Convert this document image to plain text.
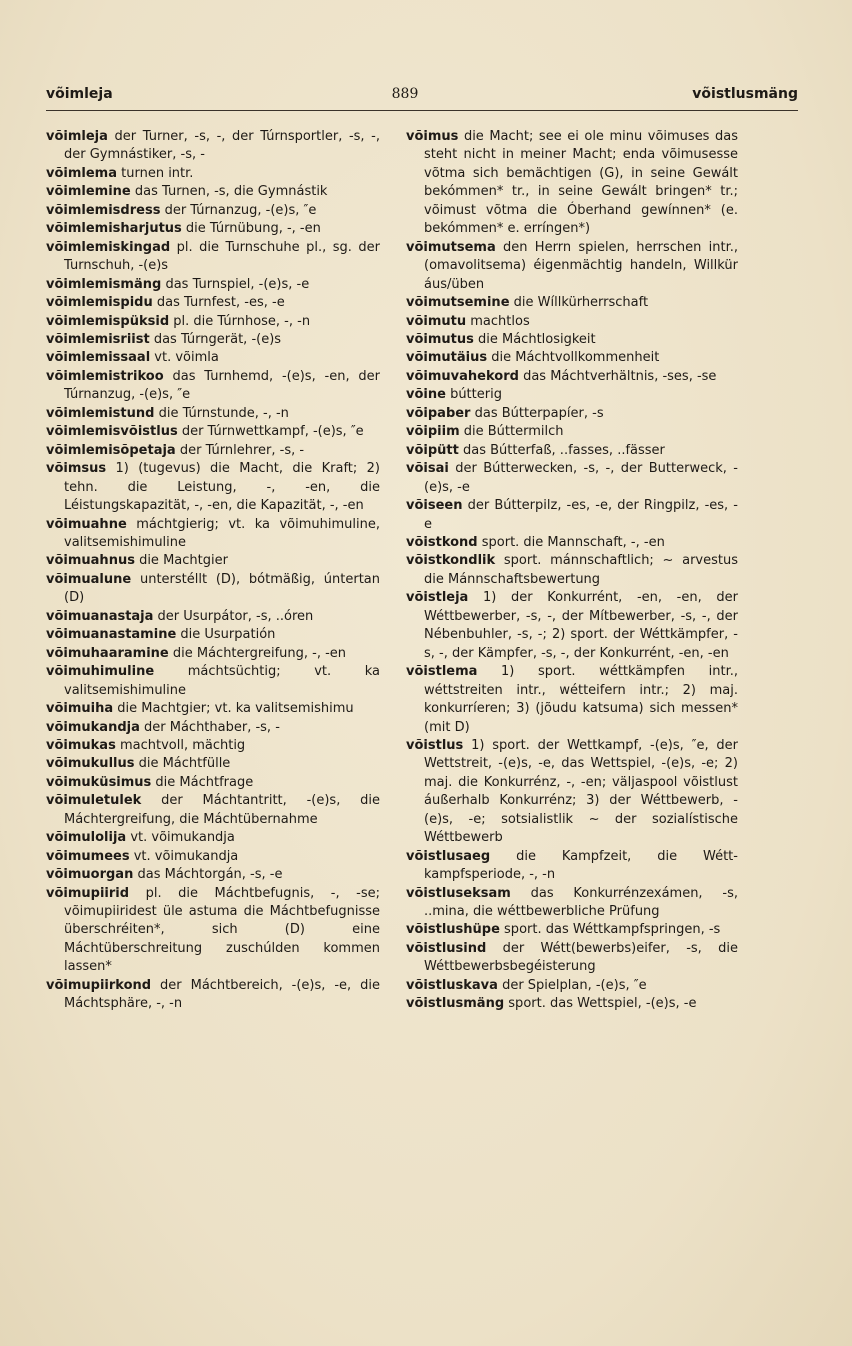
võimleja	889	võistlusmäng
võimleja der Turner, -s, -, der Túrnsportler, -s, -, der Gymnástiker, -s, -
võimlema turnen intr.
võimlemine das Turnen, -s, die Gymnástik
võimlemisdress der Túrnanzug, -(e)s, ″e
võimlemisharjutus die Túrnübung, -, -en
võimlemiskingad pl. die Turnschuhe pl., sg. der Turnschuh, -(e)s
võimlemismäng das Turnspiel, -(e)s, -e
võimlemispidu das Turnfest, -es, -e
võimlemispüksid pl. die Túrnhose, -, -n
võimlemisriist das Túrngerät, -(e)s
võimlemissaal vt. võimla
võimlemistrikoo das Turnhemd, -(e)s, -en, der Túrnanzug, -(e)s, ″e
võimlemistund die Túrnstunde, -, -n
võimlemisvõistlus der Túrnwettkampf, -(e)s, ″e
võimlemisõpetaja der Túrnlehrer, -s, -
võimsus 1) (tugevus) die Macht, die Kraft; 2) tehn. die Leistung, -, -en, die Léistungskapazität, -, -en, die Kapazität, -, -en
võimuahne máchtgierig; vt. ka võimuhimuline, valitsemishimuline
võimuahnus die Machtgier
võimualune unterstéllt (D), bótmäßig, úntertan (D)
võimuanastaja der Usurpátor, -s, ..óren
võimuanastamine die Usurpatión
võimuhaaramine die Máchtergreifung, -, -en
võimuhimuline máchtsüchtig; vt. ka valitsemishimuline
võimuiha die Machtgier; vt. ka valitsemishimu
võimukandja der Máchthaber, -s, -
võimukas machtvoll, mächtig
võimukullus die Máchtfülle
võimuküsimus die Máchtfrage
võimuletulek der Máchtantritt, -(e)s, die Máchtergreifung, die Máchtübernahme
võimulolija vt. võimukandja
võimumees vt. võimukandja
võimuorgan das Máchtorgán, -s, -e
võimupiirid pl. die Máchtbefugnis, -, -se; võimupiiridest üle astuma die Máchtbefugnisse überschréiten*, sich (D) eine Máchtüberschreitung zuschúlden kommen lassen*
võimupiirkond der Máchtbereich, -(e)s, -e, die Máchtsphäre, -, -n
võimus die Macht; see ei ole minu võimuses das steht nicht in meiner Macht; enda võimusesse võtma sich bemächtigen (G), in seine Gewált bekómmen* tr., in seine Gewált bringen* tr.; võimust võtma die Óberhand gewínnen* (e. bekómmen* e. erríngen*)
võimutsema den Herrn spielen, herrschen intr., (omavolitsema) éigenmächtig handeln, Willkür áus/üben
võimutsemine die Wíllkürherrschaft
võimutu machtlos
võimutus die Máchtlosigkeit
võimutäius die Máchtvollkommenheit
võimuvahekord das Máchtverhältnis, -ses, -se
võine bútterig
võipaber das Bútterpapíer, -s
võipiim die Búttermilch
võipütt das Bútterfaß, ..fasses, ..fässer
võisai der Bútterwecken, -s, -, der Butterweck, -(e)s, -e
võiseen der Bútterpilz, -es, -e, der Ringpilz, -es, -e
võistkond sport. die Mannschaft, -, -en
võistkondlik sport. mánnschaftlich; ~ arvestus die Mánnschaftsbewertung
võistleja 1) der Konkurrént, -en, -en, der Wéttbewerber, -s, -, der Mítbewerber, -s, -, der Nébenbuhler, -s, -; 2) sport. der Wéttkämpfer, -s, -, der Kämpfer, -s, -, der Konkurrént, -en, -en
võistlema 1) sport. wéttkämpfen intr., wéttstreiten intr., wétteifern intr.; 2) maj. konkurríeren; 3) (jõudu katsuma) sich messen* (mit D)
võistlus 1) sport. der Wettkampf, -(e)s, ″e, der Wettstreit, -(e)s, -e, das Wettspiel, -(e)s, -e; 2) maj. die Konkurrénz, -, -en; väljaspool võistlust áußerhalb Konkurrénz; 3) der Wéttbewerb, -(e)s, -e; sotsialistlik ~ der sozialístische Wéttbewerb
võistlusaeg die Kampfzeit, die Wéttkampfsperiode, -, -n
võistluseksam das Konkurrénzexámen, -s, ..mina, die wéttbewerbliche Prüfung
võistlushüpe sport. das Wéttkampfspringen, -s
võistlusind der Wétt(bewerbs)eifer, -s, die Wéttbewerbsbegéisterung
võistluskava der Spielplan, -(e)s, ″e
võistlusmäng sport. das Wettspiel, -(e)s, -e
